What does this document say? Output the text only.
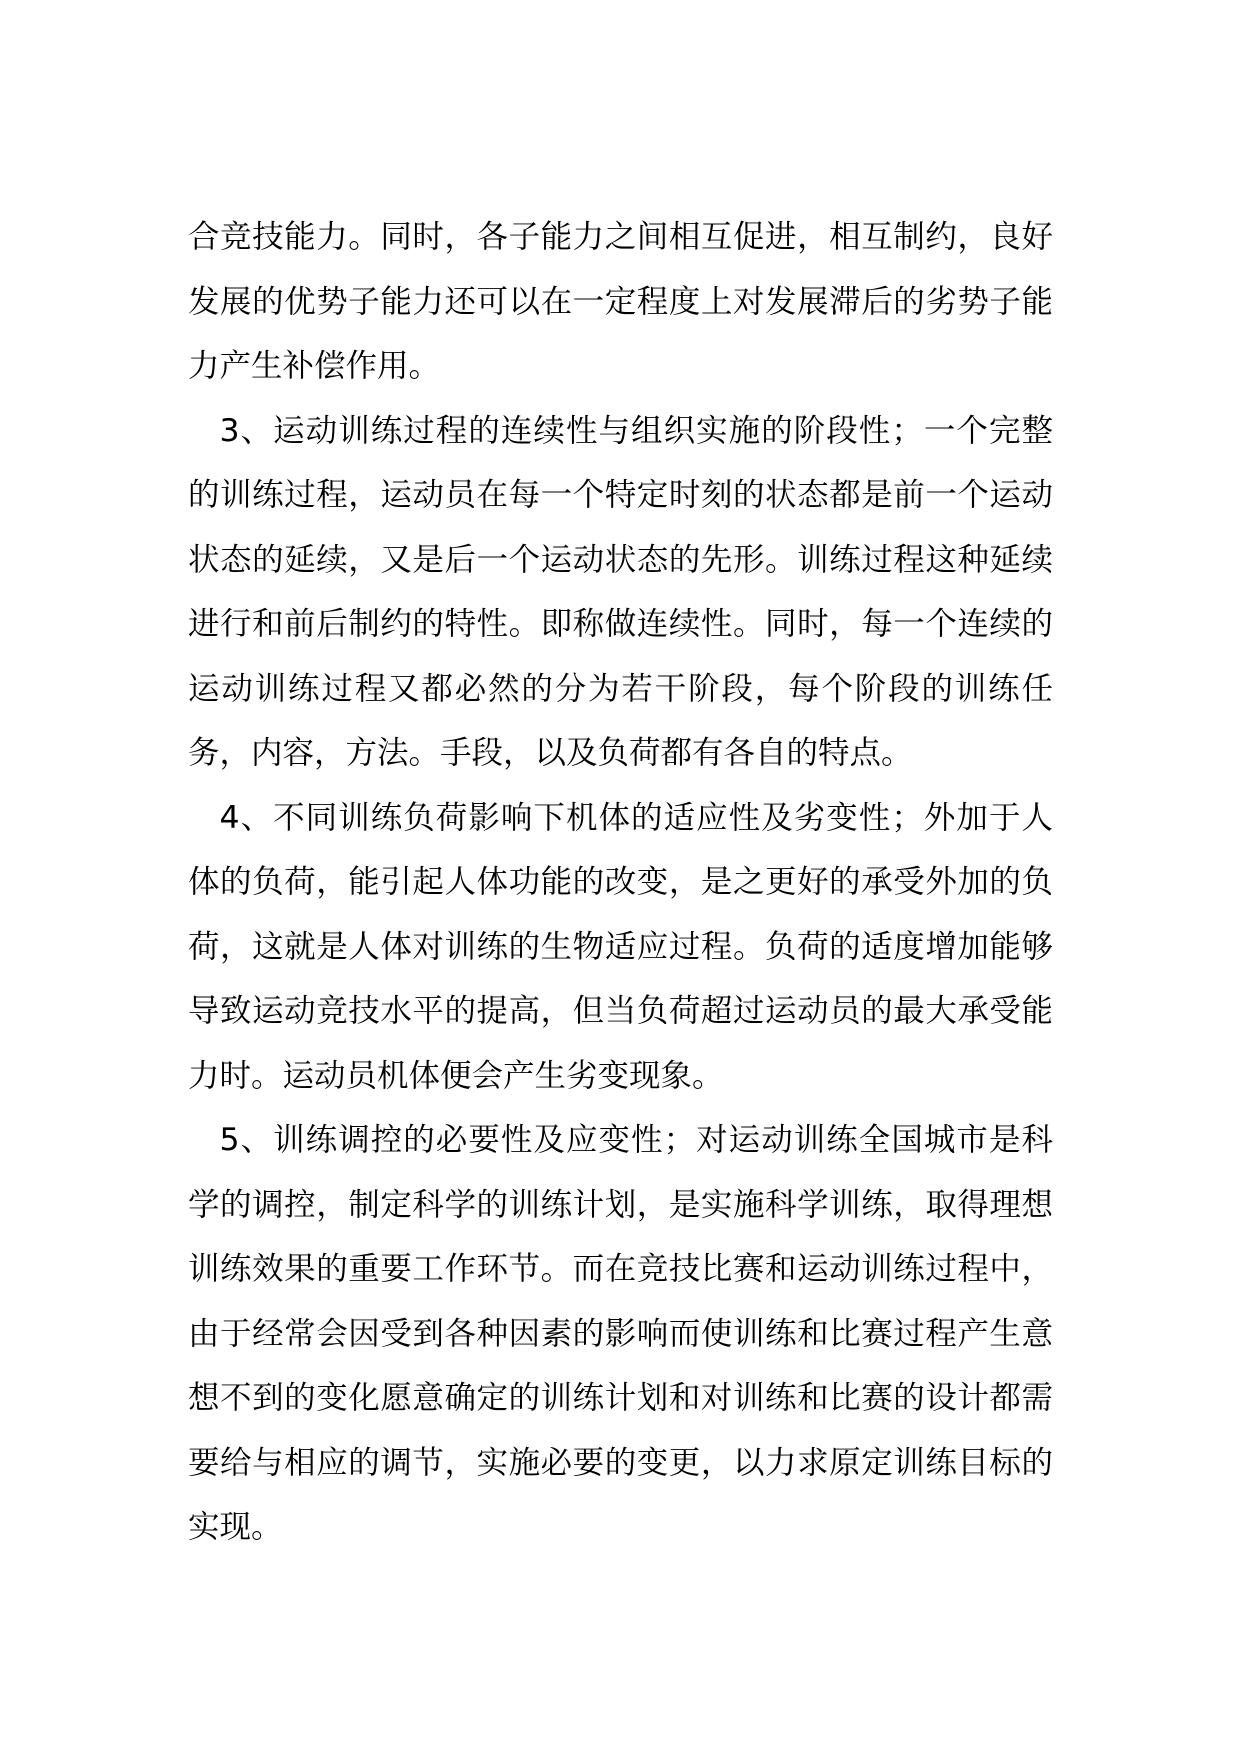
合竞技能力。同时，各子能力之间相互促进，相互制约，良好发展的优势子能力还可以在一定程度上对发展滞后的劣势子能力产生补偿作用。

3、运动训练过程的连续性与组织实施的阶段性；一个完整的训练过程，运动员在每一个特定时刻的状态都是前一个运动状态的延续，又是后一个运动状态的先形。训练过程这种延续进行和前后制约的特性。即称做连续性。同时，每一个连续的运动训练过程又都必然的分为若干阶段，每个阶段的训练任务，内容，方法。手段，以及负荷都有各自的特点。

4、不同训练负荷影响下机体的适应性及劣变性；外加于人体的负荷，能引起人体功能的改变，是之更好的承受外加的负荷，这就是人体对训练的生物适应过程。负荷的适度增加能够导致运动竞技水平的提高，但当负荷超过运动员的最大承受能力时。运动员机体便会产生劣变现象。

5、训练调控的必要性及应变性；对运动训练全国城市是科学的调控，制定科学的训练计划，是实施科学训练，取得理想训练效果的重要工作环节。而在竞技比赛和运动训练过程中，由于经常会因受到各种因素的影响而使训练和比赛过程产生意想不到的变化愿意确定的训练计划和对训练和比赛的设计都需要给与相应的调节，实施必要的变更，以力求原定训练目标的实现。
